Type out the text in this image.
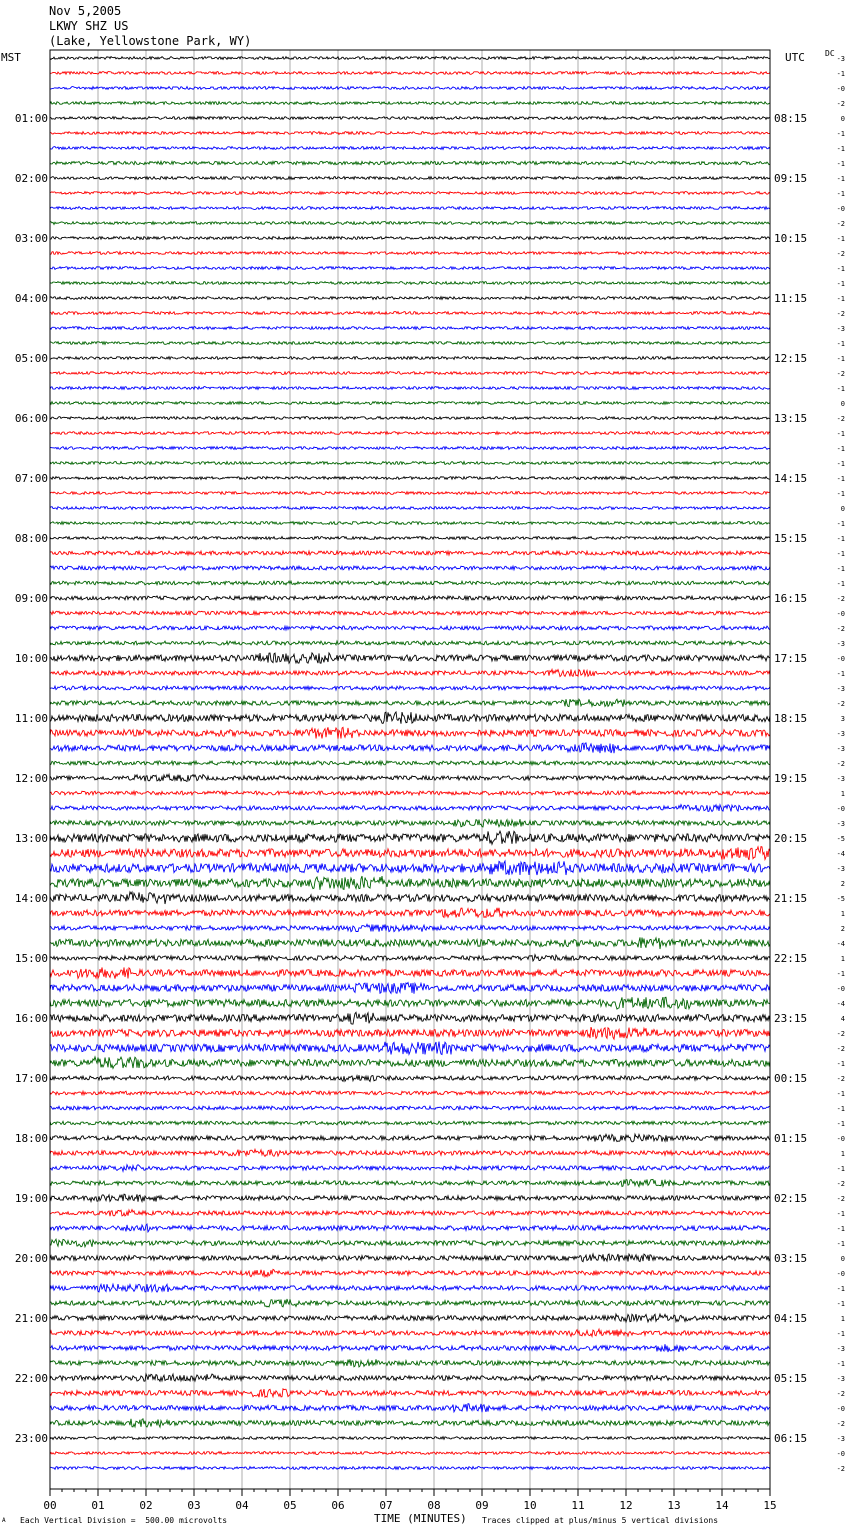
00	01	02	03	04	05	06	07	08	09	10	11	12	13	14	15
01:00
02:00
03:00
04:00
05:00
06:00
07:00
08:00
09:00
10:00
11:00
12:00
13:00
14:00
15:00
16:00
17:00
18:00
19:00
20:00
21:00
22:00
23:00
08:15
09:15
10:15
11:15
12:15
13:15
14:15
15:15
16:15
17:15
18:15
19:15
20:15
21:15
22:15
23:15
00:15
01:15
02:15
03:15
04:15
05:15
06:15
-3
-1
-0
-2
0
-1
-1
-1
-1
-1
-0
-2
-1
-2
-1
-1
-1
-2
-3
-1
-1
-2
-1
0
-2
-1
-1
-1
-1
-1
0
-1
-1
-1
-1
-1
-2
-0
-2
-3
-0
-1
-3
-2
3
-3
-3
-2
-3
1
-0
-3
-5
-4
-3
2
-5
1
2
-4
1
-1
-0
-4
4
-2
-2
-1
-2
-1
-1
-1
-0
1
-1
-2
-2
-1
-1
-1
0
-0
-1
-1
1
-1
-3
-1
-3
-2
-0
-2
-3
-0
-2
Nov 5,2005
LKWY SHZ US
(Lake, Yellowstone Park, WY)
MST	UTC	DC
A Each Vertical Division =  500.00 microvolts	TIME (MINUTES) Traces clipped at plus/minus 5 vertical divisions
